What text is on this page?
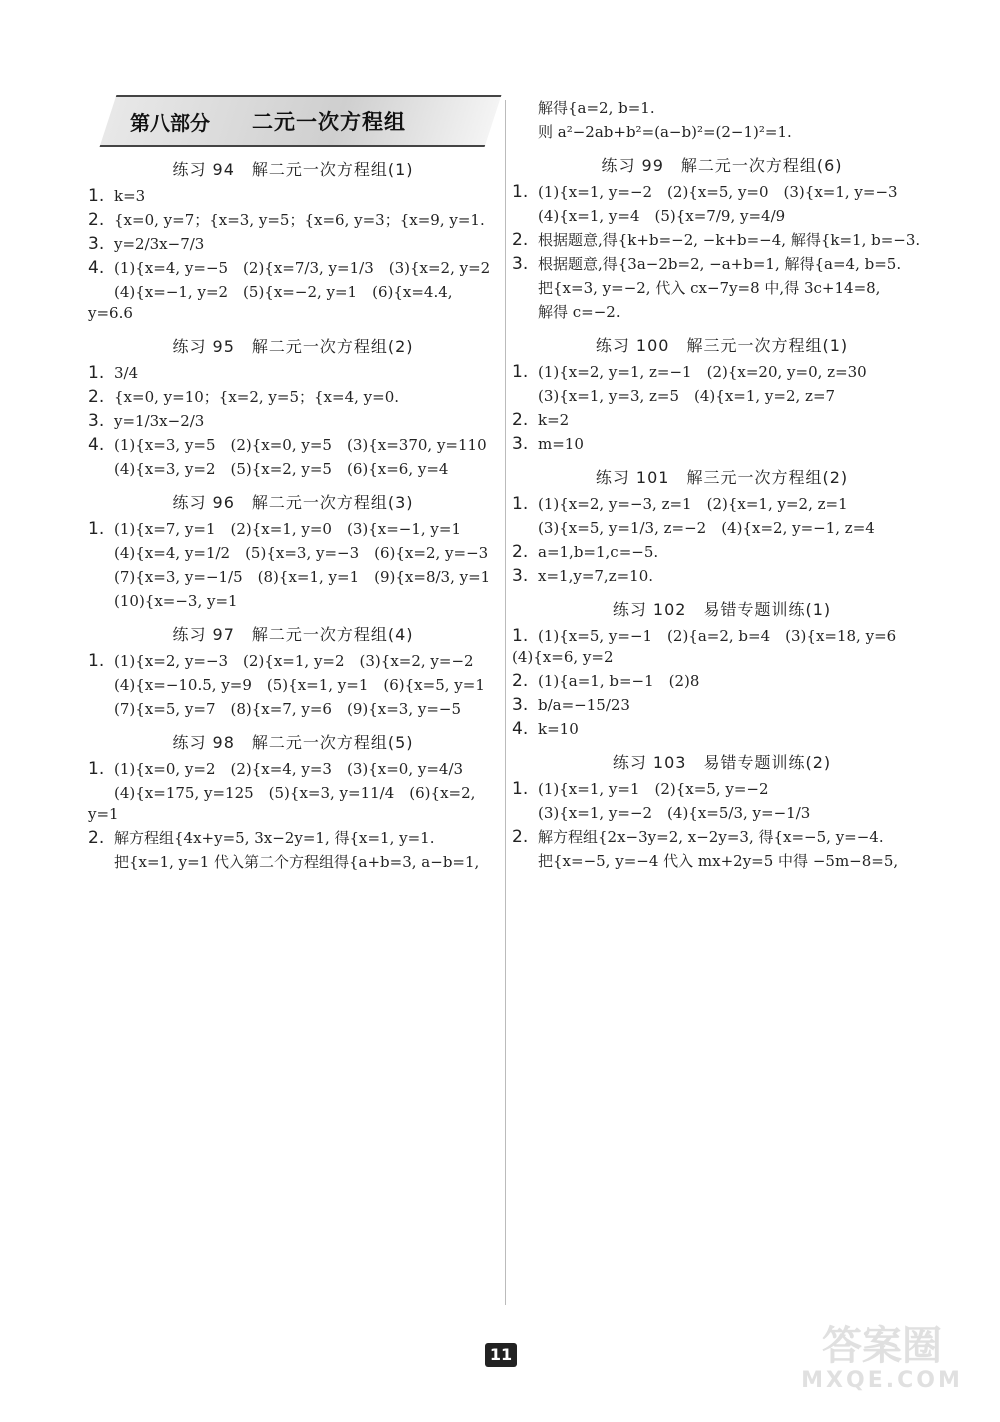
第八部分 二元一次方程组
练习 94　解二元一次方程组(1)
1. k=3
2. {x=0, y=7；{x=3, y=5；{x=6, y=3；{x=9, y=1.
3. y=2/3x−7/3
4. (1){x=4, y=−5　(2){x=7/3, y=1/3　(3){x=2, y=2
(4){x=−1, y=2　(5){x=−2, y=1　(6){x=4.4, y=6.6
练习 95　解二元一次方程组(2)
1. 3/4
2. {x=0, y=10；{x=2, y=5；{x=4, y=0.
3. y=1/3x−2/3
4. (1){x=3, y=5　(2){x=0, y=5　(3){x=370, y=110
(4){x=3, y=2　(5){x=2, y=5　(6){x=6, y=4
练习 96　解二元一次方程组(3)
1. (1){x=7, y=1　(2){x=1, y=0　(3){x=−1, y=1
(4){x=4, y=1/2　(5){x=3, y=−3　(6){x=2, y=−3
(7){x=3, y=−1/5　(8){x=1, y=1　(9){x=8/3, y=1
(10){x=−3, y=1
练习 97　解二元一次方程组(4)
1. (1){x=2, y=−3　(2){x=1, y=2　(3){x=2, y=−2
(4){x=−10.5, y=9　(5){x=1, y=1　(6){x=5, y=1
(7){x=5, y=7　(8){x=7, y=6　(9){x=3, y=−5
练习 98　解二元一次方程组(5)
1. (1){x=0, y=2　(2){x=4, y=3　(3){x=0, y=4/3
(4){x=175, y=125　(5){x=3, y=11/4　(6){x=2, y=1
2. 解方程组{4x+y=5, 3x−2y=1, 得{x=1, y=1.
把{x=1, y=1 代入第二个方程组得{a+b=3, a−b=1,
解得{a=2, b=1.
则 a²−2ab+b²=(a−b)²=(2−1)²=1.
练习 99　解二元一次方程组(6)
1. (1){x=1, y=−2　(2){x=5, y=0　(3){x=1, y=−3
(4){x=1, y=4　(5){x=7/9, y=4/9
2. 根据题意,得{k+b=−2, −k+b=−4, 解得{k=1, b=−3.
3. 根据题意,得{3a−2b=2, −a+b=1, 解得{a=4, b=5.
把{x=3, y=−2, 代入 cx−7y=8 中,得 3c+14=8,
解得 c=−2.
练习 100　解三元一次方程组(1)
1. (1){x=2, y=1, z=−1　(2){x=20, y=0, z=30
(3){x=1, y=3, z=5　(4){x=1, y=2, z=7
2. k=2
3. m=10
练习 101　解三元一次方程组(2)
1. (1){x=2, y=−3, z=1　(2){x=1, y=2, z=1
(3){x=5, y=1/3, z=−2　(4){x=2, y=−1, z=4
2. a=1,b=1,c=−5.
3. x=1,y=7,z=10.
练习 102　易错专题训练(1)
1. (1){x=5, y=−1　(2){a=2, b=4　(3){x=18, y=6　(4){x=6, y=2
2. (1){a=1, b=−1　(2)8
3. b/a=−15/23
4. k=10
练习 103　易错专题训练(2)
1. (1){x=1, y=1　(2){x=5, y=−2
(3){x=1, y=−2　(4){x=5/3, y=−1/3
2. 解方程组{2x−3y=2, x−2y=3, 得{x=−5, y=−4.
把{x=−5, y=−4 代入 mx+2y=5 中得 −5m−8=5,
11	答案圈
MXQE.COM
